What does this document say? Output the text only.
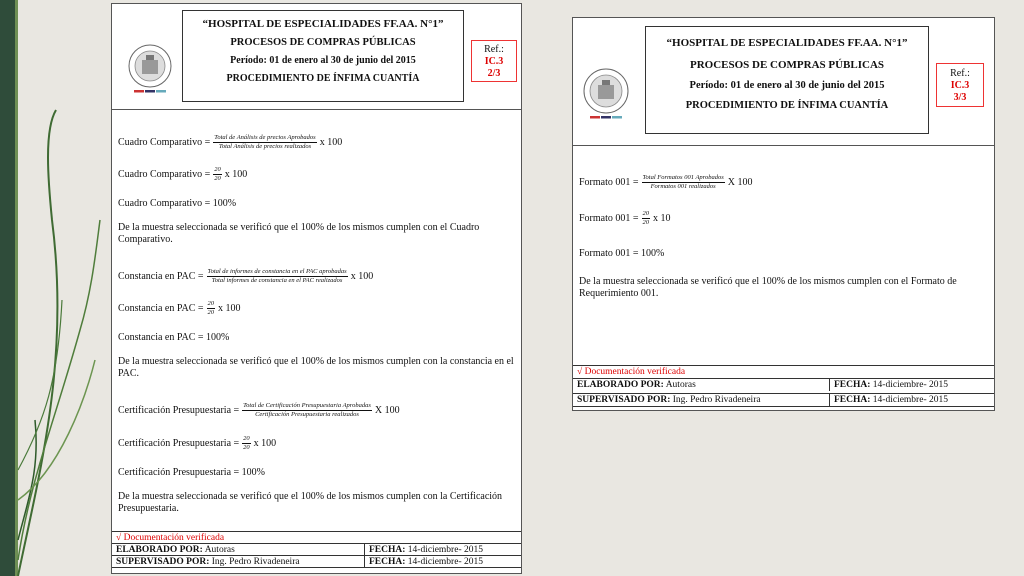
“HOSPITAL DE ESPECIALIDADES FF.AA. N°1”
PROCESOS DE COMPRAS PÚBLICAS
Período: 01 de enero al 30 de junio del 2015
PROCEDIMIENTO DE ÍNFIMA CUANTÍA
Ref.:
IC.3
2/3
Cuadro Comparativo = $\frac{\text{Total de Análisis de precios Aprobados}}{\text{Total Análisis de precios realizados}}$ x 100
Cuadro Comparativo = $\frac{20}{20}$ x 100
Cuadro Comparativo = 100%
De la muestra seleccionada se verificó que el 100% de los mismos cumplen con el Cuadro Comparativo.
Constancia en PAC = $\frac{\text{Total de informes de constancia en el PAC aprobadas}}{\text{Total informes de constancia en el PAC realizados}}$ x 100
Constancia en PAC = $\frac{20}{20}$ x 100
Constancia en PAC = 100%
De la muestra seleccionada se verificó que el 100% de los mismos cumplen con la constancia en el PAC.
Certificación Presupuestaria = $\frac{\text{Total de Certificación Presupuestaria Aprobadas}}{\text{Certificación Presupuestaria realizados}}$ X 100
Certificación Presupuestaria = $\frac{20}{20}$ x 100
Certificación Presupuestaria = 100%
De la muestra seleccionada se verificó que el 100% de los mismos cumplen con la Certificación Presupuestaria.
√ Documentación verificada
ELABORADO POR: Autoras	FECHA: 14-diciembre- 2015
SUPERVISADO POR: Ing. Pedro Rivadeneira	FECHA: 14-diciembre- 2015
“HOSPITAL DE ESPECIALIDADES FF.AA. N°1”
PROCESOS DE COMPRAS PÚBLICAS
Período: 01 de enero al 30 de junio del 2015
PROCEDIMIENTO DE ÍNFIMA CUANTÍA
Ref.:
IC.3
3/3
Formato $001 = \frac{\text{Total Formatos 001 Aprobados}}{\text{Formatos 001 realizados}}$ X 100
Formato $001 = \frac{20}{20}$ x 10
Formato 001 = 100%
De la muestra seleccionada se verificó que el 100% de los mismos cumplen con el Formato de Requerimiento 001.
√ Documentación verificada
ELABORADO POR: Autoras	FECHA: 14-diciembre- 2015
SUPERVISADO POR: Ing. Pedro Rivadeneira	FECHA: 14-diciembre- 2015
